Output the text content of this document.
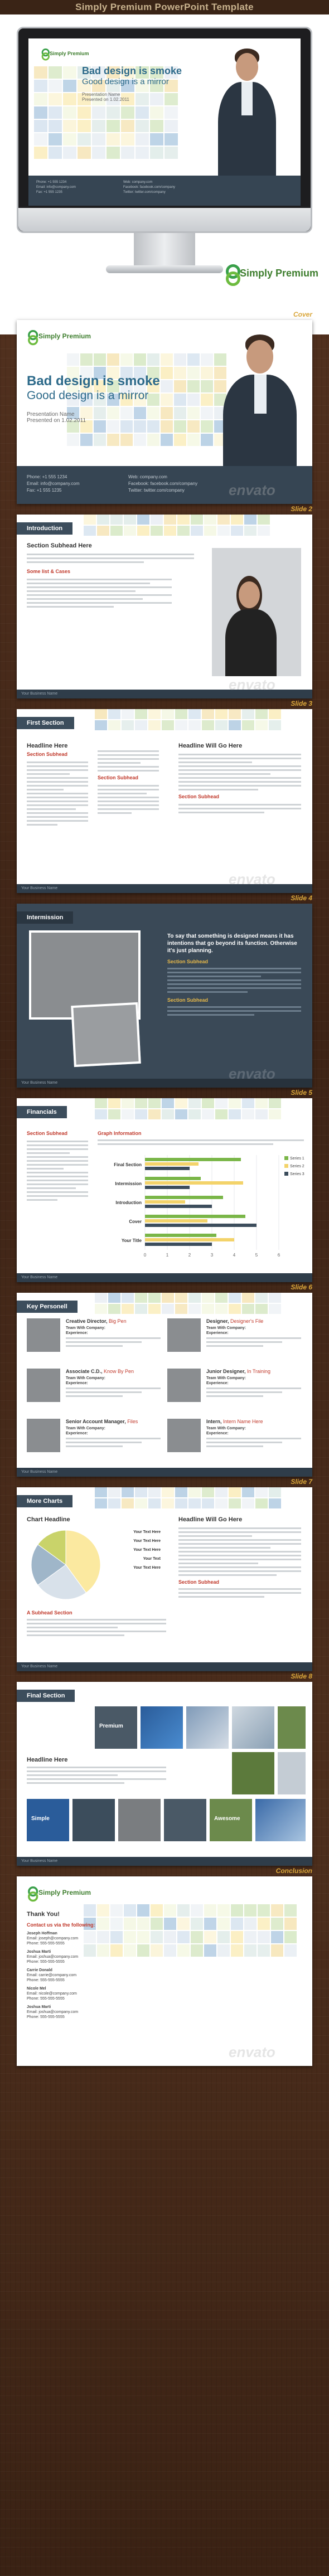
Simply Premium PowerPoint Template
Simply Premium
Bad design is smoke
Good design is a mirror
Presentation Name
Presented on 1.02.2011
Phone: +1 555 1234
Email: info@company.com
Fax: +1 555 1235
Web: company.com
Facebook: facebook.com/company
Twitter: twitter.com/company
Simply Premium
Cover
Simply Premium
Bad design is smoke
Good design is a mirror
Presentation Name
Presented on 1.02.2011
Phone: +1 555 1234
Email: info@company.com
Fax: +1 555 1235
Web: company.com
Facebook: facebook.com/company
Twitter: twitter.com/company	envato
Slide 2
Introduction
Section Subhead Here
Some list & Cases
Your Business Name
envato
Slide 3
First Section
Headline Here
Section Subhead
Section Subhead
Headline Will Go Here
Section Subhead
Your Business Name
envato
Slide 4
Intermission
To say that something is designed means it has intentions that go beyond its function. Otherwise it's just planning.
Section Subhead
Section Subhead
Your Business Name
envato
Slide 5
Financials
Section Subhead	Graph Information
0	1	2	3	4	5	6
Final Section
Intermission
Introduction
Cover
Your Title
Series 1
Series 2
Series 3
Your Business Name
Slide 6
Key Personell
Creative Director, Big Pen
Team With Company:
Experience:
Designer, Designer's File
Team With Company:
Experience:
Associate C.D., Know By Pen
Team With Company:
Experience:
Junior Designer, In Training
Team With Company:
Experience:
Senior Account Manager, Files
Team With Company:
Experience:
Intern, Intern Name Here
Team With Company:
Experience:
Your Business Name
Slide 7
More Charts
Chart Headline
Your Text Here
Your Text Here
Your Text Here
Your Text
Your Text Here
A Subhead Section
Headline Will Go Here
Section Subhead
Your Business Name
Slide 8
Final Section
Premium
Headline Here
Simple	Awesome
Your Business Name
Conclusion
Simply Premium
Thank You!
Contact us via the following:
Joseph Hoffman
Email: joseph@company.com
Phone: 555-555-5555
Joshua Marti
Email: joshua@company.com
Phone: 555-555-5555
Carrie Donald
Email: carrie@company.com
Phone: 555-555-5555
Nicole Mel
Email: nicole@company.com
Phone: 555-555-5555
Joshua Marti
Email: joshua@company.com
Phone: 555-555-5555
envato
